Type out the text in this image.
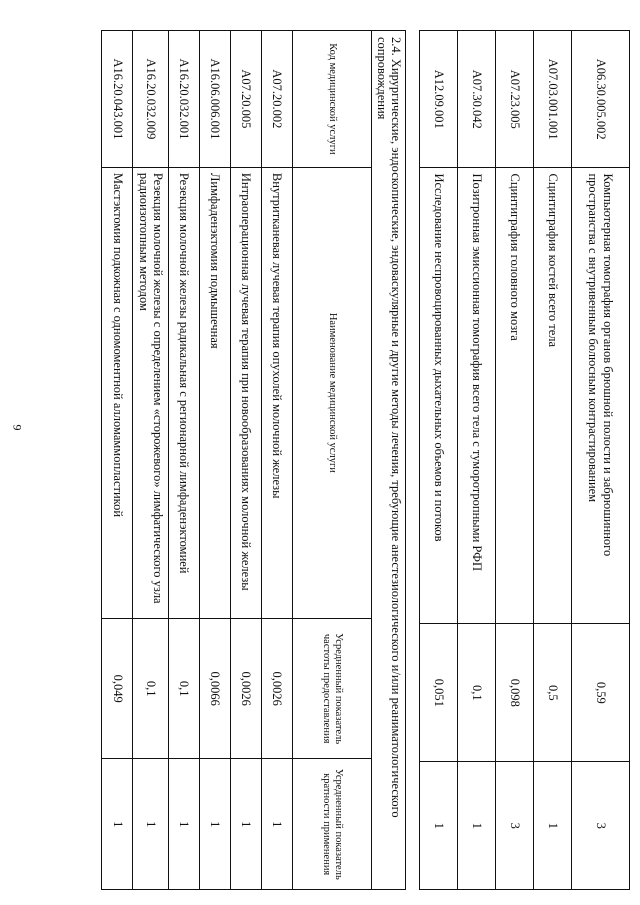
9
A06.30.005.002	Компьютерная томография органов брюшной полости и забрюшинного пространства с внутривенным болюсным контрастированием	0,59	3
A07.03.001.001	Сцинтиграфия костей всего тела	0,5	1
A07.23.005	Сцинтиграфия головного мозга	0,098	3
A07.30.042	Позитронная эмиссионная томография всего тела с туморотропными РФП	0,1	1
A12.09.001	Исследование неспровоцированных дыхательных объемов и потоков	0,051	1
2.4. Хирургические, эндоскопические, эндоваскулярные и другие методы лечения, требующие анестезиологического и/или реаниматологического сопровождения			
Код медицинской услуги	Наименование медицинской услуги	Усредненный показатель частоты предоставления	Усредненный показатель кратности применения
A07.20.002	Внутритканевая лучевая терапия опухолей молочной железы	0,0026	1
A07.20.005	Интраоперационная лучевая терапия при новообразованиях молочной железы	0,0026	1
A16.06.006.001	Лимфаденэктомия подмышечная	0,0066	1
A16.20.032.001	Резекция молочной железы радикальная с регионарной лимфаденэктомией	0,1	1
A16.20.032.009	Резекция молочной железы с определением «сторожевого» лимфатического узла радиоизотопным методом	0,1	1
A16.20.043.001	Мастэктомия подкожная с одномоментной алломаммопластикой	0,049	1
